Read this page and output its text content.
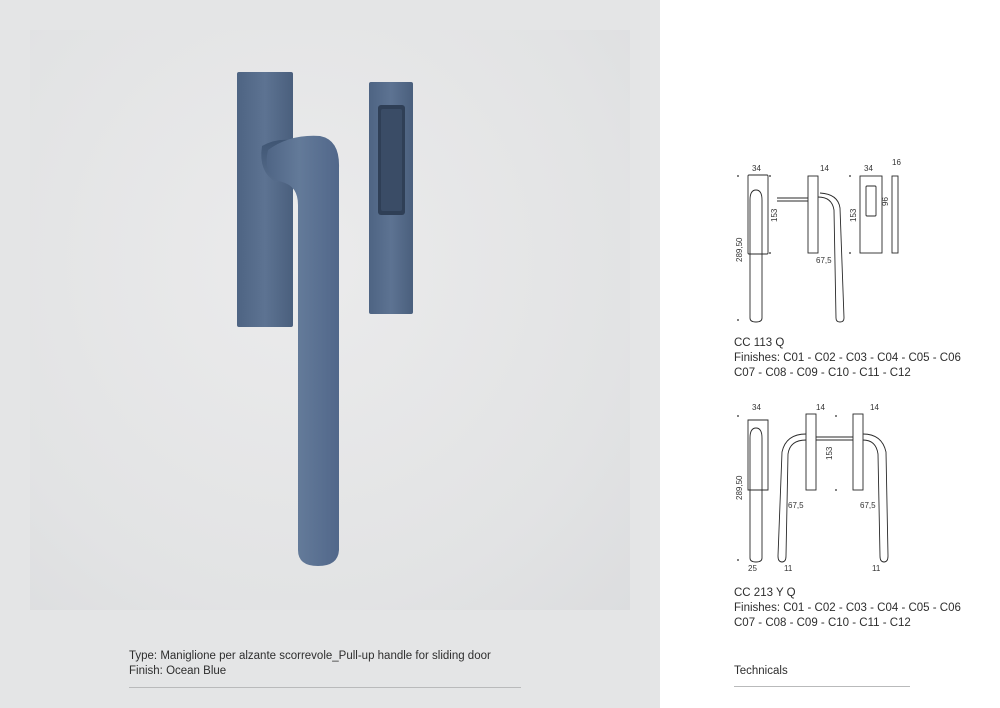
Type: Maniglione per alzante scorrevole_Pull-up handle for sliding door
Finish: Ocean Blue
34	14	34
16
153	153
96
289,50	67,5
34	14	14
153
289,50
67,5	67,5
25	11	11
CC 113 Q
Finishes: C01 - C02 - C03 - C04 - C05 - C06
C07 - C08 - C09 - C10 - C11 - C12
CC 213 Y Q
Finishes: C01 - C02 - C03 - C04 - C05 - C06
C07 - C08 - C09 - C10 - C11 - C12
Technicals
